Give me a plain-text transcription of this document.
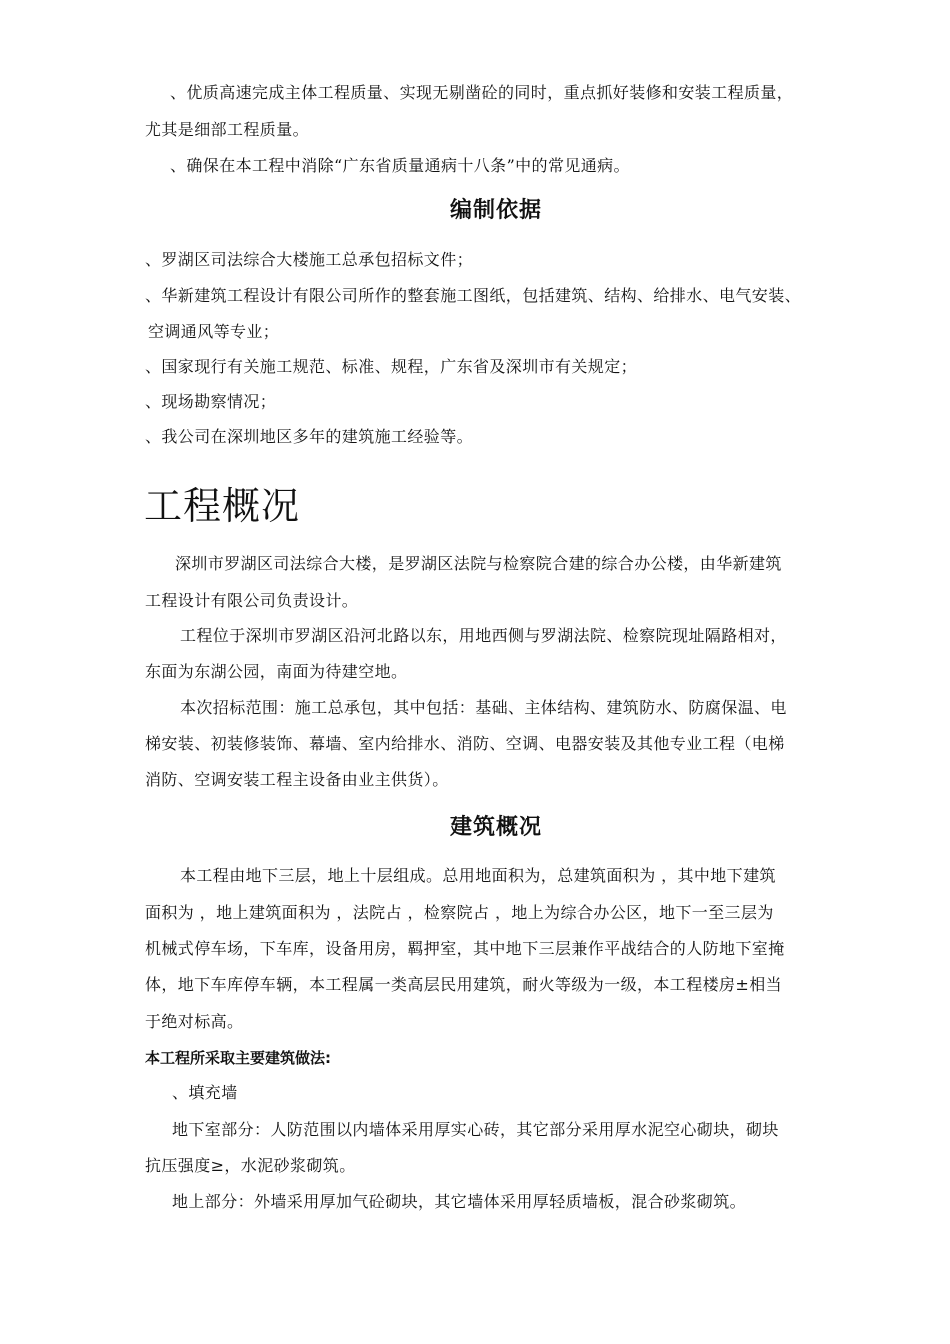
、优质高速完成主体工程质量、实现无剔凿砼的同时，重点抓好装修和安装工程质量，
尤其是细部工程质量。
、确保在本工程中消除“广东省质量通病十八条”中的常见通病。
编制依据
、罗湖区司法综合大楼施工总承包招标文件；
、华新建筑工程设计有限公司所作的整套施工图纸，包括建筑、结构、给排水、电气安装、
空调通风等专业；
、国家现行有关施工规范、标准、规程，广东省及深圳市有关规定；
、现场勘察情况；
、我公司在深圳地区多年的建筑施工经验等。
工程概况
深圳市罗湖区司法综合大楼，是罗湖区法院与检察院合建的综合办公楼，由华新建筑
工程设计有限公司负责设计。
工程位于深圳市罗湖区沿河北路以东，用地西侧与罗湖法院、检察院现址隔路相对，
东面为东湖公园，南面为待建空地。
本次招标范围：施工总承包，其中包括：基础、主体结构、建筑防水、防腐保温、电
梯安装、初装修装饰、幕墙、室内给排水、消防、空调、电器安装及其他专业工程（电梯
消防、空调安装工程主设备由业主供货）。
建筑概况
本工程由地下三层，地上十层组成。总用地面积为，总建筑面积为 ，其中地下建筑
面积为 ，地上建筑面积为 ，法院占 ，检察院占 ，地上为综合办公区，地下一至三层为
机械式停车场，下车库，设备用房，羁押室，其中地下三层兼作平战结合的人防地下室掩
体，地下车库停车辆，本工程属一类高层民用建筑，耐火等级为一级，本工程楼房±相当
于绝对标高。
本工程所采取主要建筑做法:
、填充墙
地下室部分：人防范围以内墙体采用厚实心砖，其它部分采用厚水泥空心砌块，砌块
抗压强度≥，水泥砂浆砌筑。
地上部分：外墙采用厚加气砼砌块，其它墙体采用厚轻质墙板，混合砂浆砌筑。
